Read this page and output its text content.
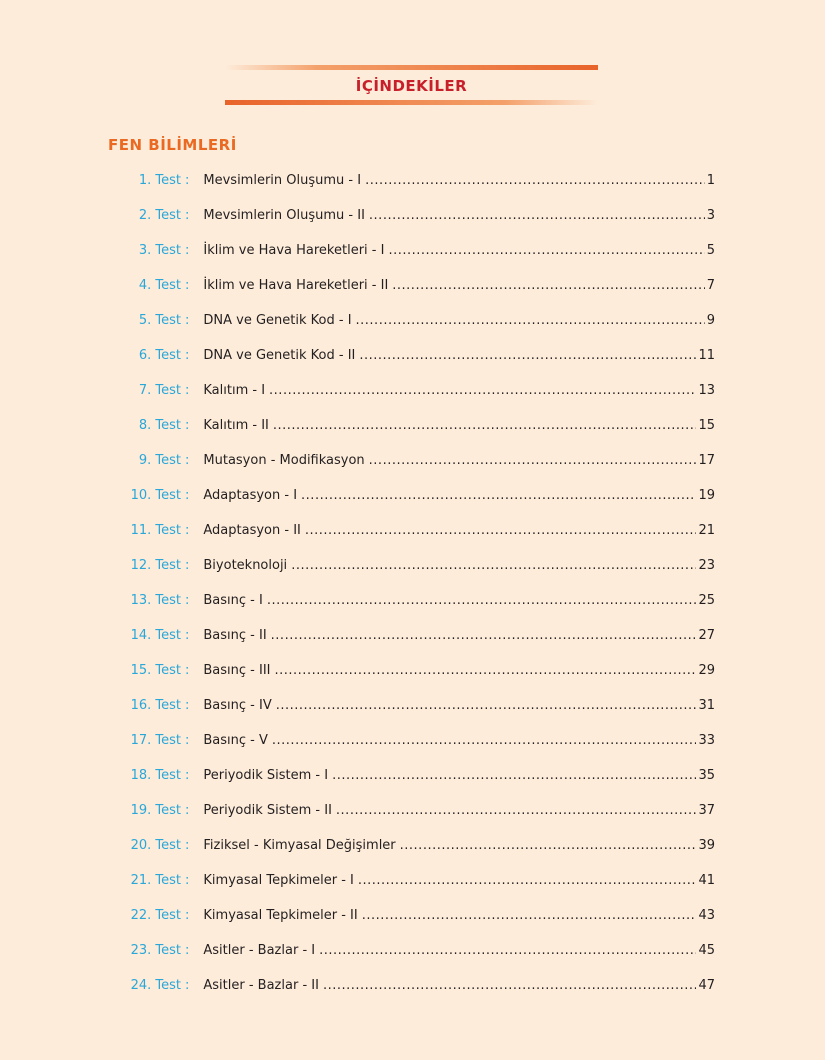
İÇİNDEKİLER
FEN BİLİMLERİ
1. Test : Mevsimlerin Oluşumu - I .....	1
2. Test : Mevsimlerin Oluşumu - II .....	3
3. Test : İklim ve Hava Hareketleri - I .....	5
4. Test : İklim ve Hava Hareketleri - II .....	7
5. Test : DNA ve Genetik Kod - I .....	9
6. Test : DNA ve Genetik Kod - II .....	11
7. Test : Kalıtım - I .....	13
8. Test : Kalıtım - II .....	15
9. Test : Mutasyon - Modifikasyon .....	17
10. Test : Adaptasyon - I .....	19
11. Test : Adaptasyon - II .....	21
12. Test : Biyoteknoloji .....	23
13. Test : Basınç - I .....	25
14. Test : Basınç - II .....	27
15. Test : Basınç - III .....	29
16. Test : Basınç - IV .....	31
17. Test : Basınç - V .....	33
18. Test : Periyodik Sistem - I .....	35
19. Test : Periyodik Sistem - II .....	37
20. Test : Fiziksel - Kimyasal Değişimler .....	39
21. Test : Kimyasal Tepkimeler - I .....	41
22. Test : Kimyasal Tepkimeler - II .....	43
23. Test : Asitler - Bazlar - I .....	45
24. Test : Asitler - Bazlar - II .....	47
